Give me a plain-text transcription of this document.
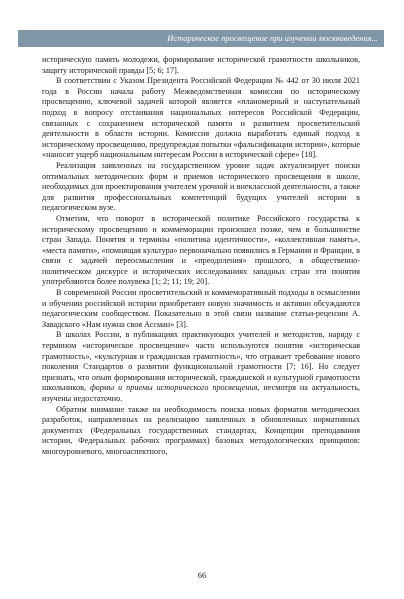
Историческое просвещение при изучении москвоведения...

историческую память молодежи, формирование исторической грамотности школьников, защиту исторической правды [5; 6; 17].

В соответствии с Указом Президента Российской Федерации № 442 от 30 июля 2021 года в России начала работу Межведомственная комиссия по историческому просвещению, ключевой задачей которой является «планомерный и наступательный подход в вопросу отстаивания национальных интересов Российской Федерации, связанных с сохранением исторической памяти и развитием просветительской деятельности в области истории. Комиссия должна выработать единый подход к историческому просвещению, предупреждая попытки «фальсификации истории», которые «наносят ущерб национальным интересам России в исторической сфере» [18].

Реализация заявленных на государственном уровне задач актуализирует поиски оптимальных методических форм и приемов исторического просвещения в школе, необходимых для проектирования учителем урочной и внеклассной деятельности, а также для развития профессиональных компетенций будущих учителей истории в педагогическом вузе.

Отметим, что поворот в исторической политике Российского государства к историческому просвещению и коммеморации произошел позже, чем в большинстве стран Запада. Понятия и термины «политика идентичности», «коллективная память», «места памяти», «помнящая культура» первоначально появились в Германии и Франции, в связи с задачей переосмысления и «преодоления» прошлого, в общественно-политическом дискурсе и исторических исследованиях западных стран эти понятия употребляются более полувека [1; 2; 11; 19; 20].

В современной России просветительский и коммеморативный подходы в осмыслении и обучении российской истории приобретают новую значимость и активно обсуждаются педагогическим сообществом. Показательно в этой связи название статьи-рецензии А. Завадского «Нам нужна своя Ассман» [3].

В школах России, в публикациях практикующих учителей и методистов, наряду с термином «историческое просвещение» часто используются понятия «историческая грамотность», «культурная и гражданская грамотность», что отражает требование нового поколения Стандартов о развитии функциональной грамотности [7; 16]. Но следует признать, что опыт формирования исторической, гражданской и культурной грамотности школьников, формы и приемы исторического просвещения, несмотря на актуальность, изучены недостаточно.

Обратим внимание также на необходимость поиска новых форматов методических разработок, направленных на реализацию заявленных в обновленных нормативных документах (Федеральных государственных стандартах, Концепции преподавания истории, Федеральных рабочих программах) базовых методологических принципов: многоуровневого, многоаспектного,

66
